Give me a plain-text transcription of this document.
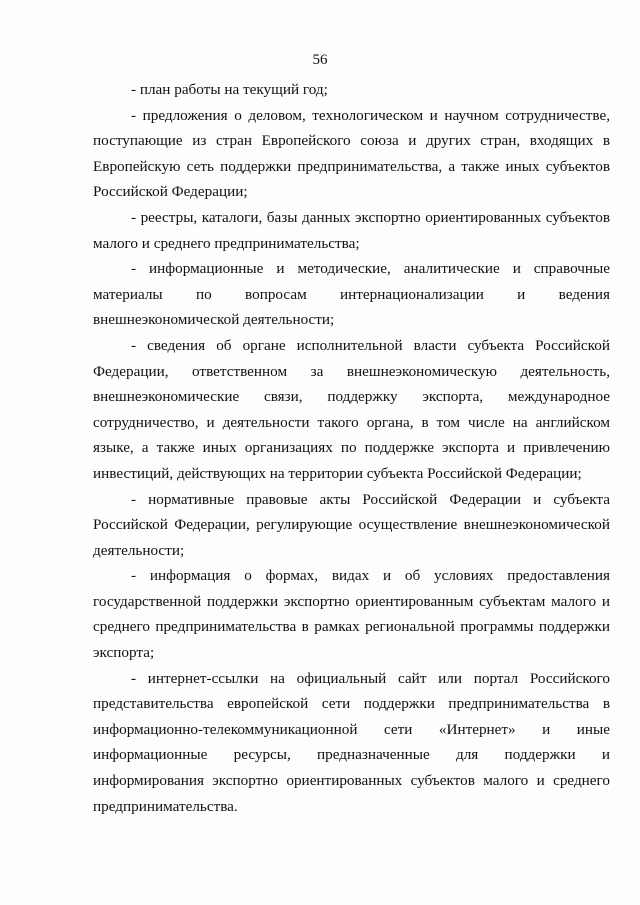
56

- план работы на текущий год;

- предложения о деловом, технологическом и научном сотрудничестве, поступающие из стран Европейского союза и других стран, входящих в Европейскую сеть поддержки предпринимательства, а также иных субъектов Российской Федерации;

- реестры, каталоги, базы данных экспортно ориентированных субъектов малого и среднего предпринимательства;

- информационные и методические, аналитические и справочные материалы по вопросам интернационализации и ведения внешнеэкономической деятельности;

- сведения об органе исполнительной власти субъекта Российской Федерации, ответственном за внешнеэкономическую деятельность, внешнеэкономические связи, поддержку экспорта, международное сотрудничество, и деятельности такого органа, в том числе на английском языке, а также иных организациях по поддержке экспорта и привлечению инвестиций, действующих на территории субъекта Российской Федерации;

- нормативные правовые акты Российской Федерации и субъекта Российской Федерации, регулирующие осуществление внешнеэкономической деятельности;

- информация о формах, видах и об условиях предоставления государственной поддержки экспортно ориентированным субъектам малого и среднего предпринимательства в рамках региональной программы поддержки экспорта;

- интернет-ссылки на официальный сайт или портал Российского представительства европейской сети поддержки предпринимательства в информационно-телекоммуникационной сети «Интернет» и иные информационные ресурсы, предназначенные для поддержки и информирования экспортно ориентированных субъектов малого и среднего предпринимательства.
